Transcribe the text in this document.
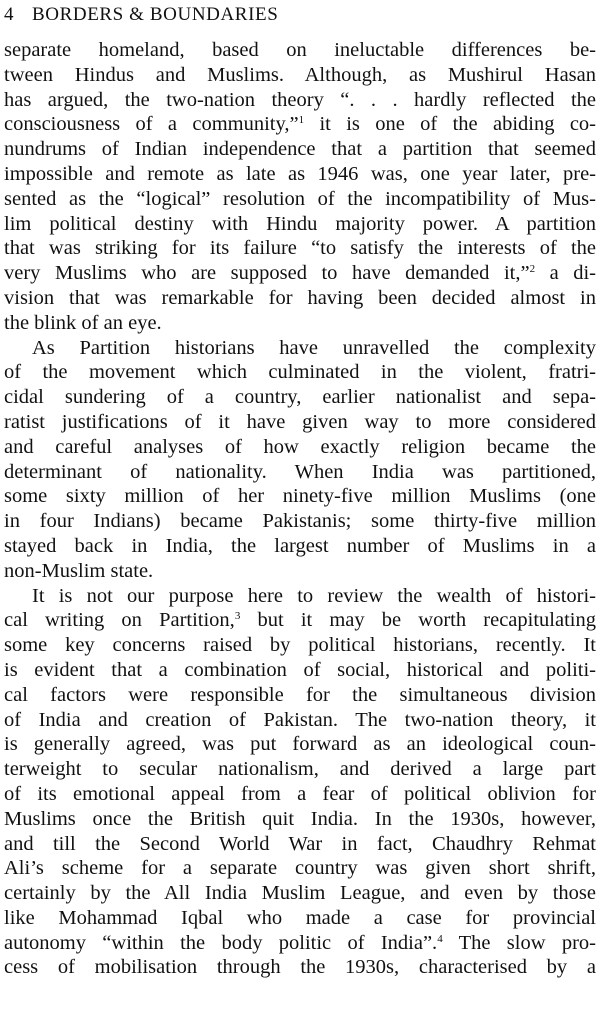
4 BORDERS & BOUNDARIES
separate homeland, based on ineluctable differences be-
tween Hindus and Muslims. Although, as Mushirul Hasan
has argued, the two-nation theory “. . . hardly reflected the
consciousness of a community,”$^1$ it is one of the abiding co-
nundrums of Indian independence that a partition that seemed
impossible and remote as late as 1946 was, one year later, pre-
sented as the “logical” resolution of the incompatibility of Mus-
lim political destiny with Hindu majority power. A partition
that was striking for its failure “to satisfy the interests of the
very Muslims who are supposed to have demanded it,”$^2$ a di-
vision that was remarkable for having been decided almost in
the blink of an eye.
As Partition historians have unravelled the complexity
of the movement which culminated in the violent, fratri-
cidal sundering of a country, earlier nationalist and sepa-
ratist justifications of it have given way to more considered
and careful analyses of how exactly religion became the
determinant of nationality. When India was partitioned,
some sixty million of her ninety-five million Muslims (one
in four Indians) became Pakistanis; some thirty-five million
stayed back in India, the largest number of Muslims in a
non-Muslim state.
It is not our purpose here to review the wealth of histori-
cal writing on Partition,$^3$ but it may be worth recapitulating
some key concerns raised by political historians, recently. It
is evident that a combination of social, historical and politi-
cal factors were responsible for the simultaneous division
of India and creation of Pakistan. The two-nation theory, it
is generally agreed, was put forward as an ideological coun-
terweight to secular nationalism, and derived a large part
of its emotional appeal from a fear of political oblivion for
Muslims once the British quit India. In the 1930s, however,
and till the Second World War in fact, Chaudhry Rehmat
Ali’s scheme for a separate country was given short shrift,
certainly by the All India Muslim League, and even by those
like Mohammad Iqbal who made a case for provincial
autonomy “within the body politic of India”.$^4$ The slow pro-
cess of mobilisation through the 1930s, characterised by a
